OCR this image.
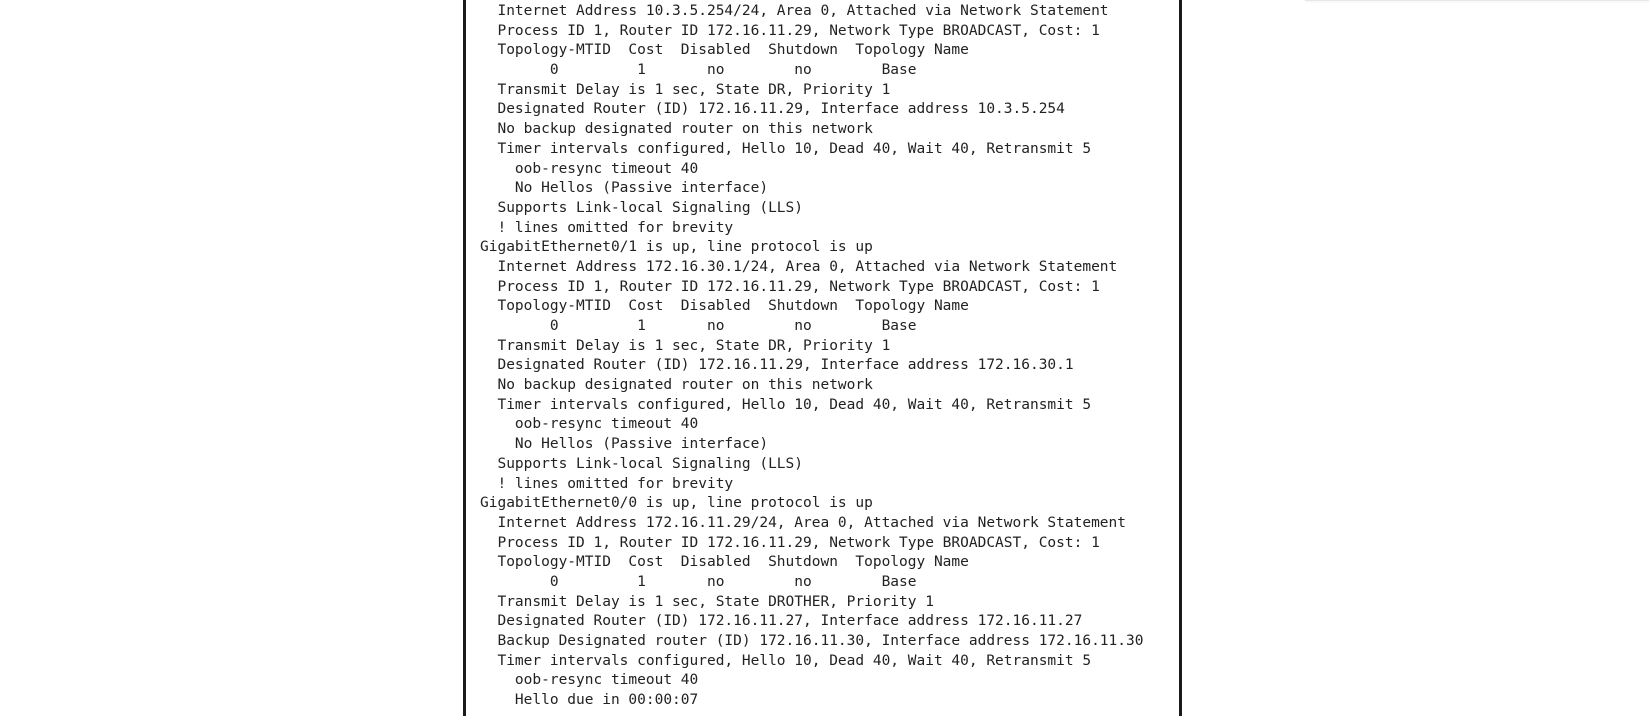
Internet Address 10.3.5.254/24, Area 0, Attached via Network Statement
Process ID 1, Router ID 172.16.11.29, Network Type BROADCAST, Cost: 1
Topology-MTID  Cost  Disabled  Shutdown  Topology Name
0         1       no        no        Base
Transmit Delay is 1 sec, State DR, Priority 1
Designated Router (ID) 172.16.11.29, Interface address 10.3.5.254
No backup designated router on this network
Timer intervals configured, Hello 10, Dead 40, Wait 40, Retransmit 5
oob-resync timeout 40
No Hellos (Passive interface)
Supports Link-local Signaling (LLS)
! lines omitted for brevity
GigabitEthernet0/1 is up, line protocol is up
Internet Address 172.16.30.1/24, Area 0, Attached via Network Statement
Process ID 1, Router ID 172.16.11.29, Network Type BROADCAST, Cost: 1
Topology-MTID  Cost  Disabled  Shutdown  Topology Name
0         1       no        no        Base
Transmit Delay is 1 sec, State DR, Priority 1
Designated Router (ID) 172.16.11.29, Interface address 172.16.30.1
No backup designated router on this network
Timer intervals configured, Hello 10, Dead 40, Wait 40, Retransmit 5
oob-resync timeout 40
No Hellos (Passive interface)
Supports Link-local Signaling (LLS)
! lines omitted for brevity
GigabitEthernet0/0 is up, line protocol is up
Internet Address 172.16.11.29/24, Area 0, Attached via Network Statement
Process ID 1, Router ID 172.16.11.29, Network Type BROADCAST, Cost: 1
Topology-MTID  Cost  Disabled  Shutdown  Topology Name
0         1       no        no        Base
Transmit Delay is 1 sec, State DROTHER, Priority 1
Designated Router (ID) 172.16.11.27, Interface address 172.16.11.27
Backup Designated router (ID) 172.16.11.30, Interface address 172.16.11.30
Timer intervals configured, Hello 10, Dead 40, Wait 40, Retransmit 5
oob-resync timeout 40
Hello due in 00:00:07
